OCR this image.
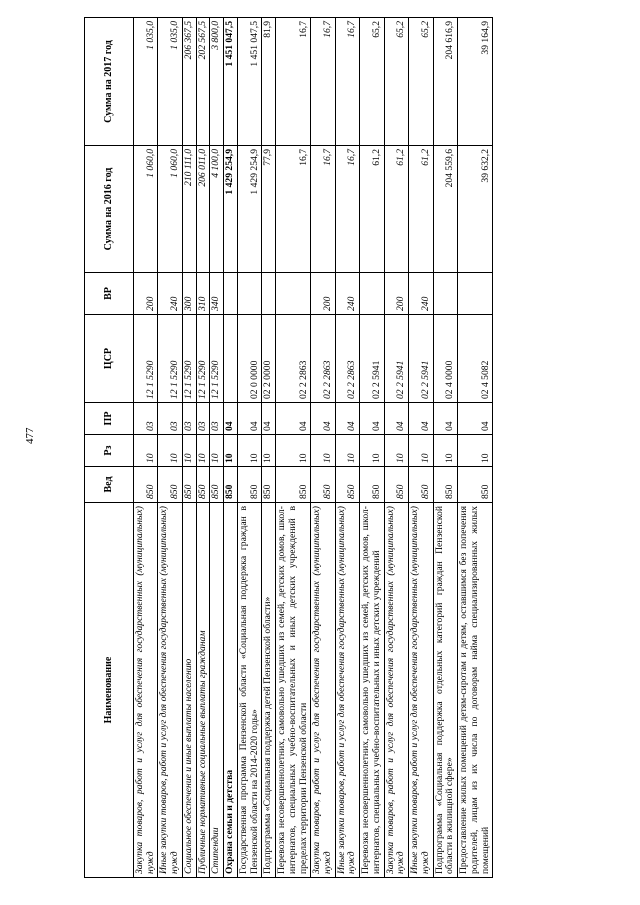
477
Наименование	Вед	Рз	ПР	ЦСР	ВР	Сумма на 2016 год	Сумма на 2017 год
Закупка товаров, работ и услуг для обеспечения государственных (муниципальных) нужд	850	10	03	12 1 5290	200	1 060,0	1 035,0
Иные закупки товаров, работ и услуг для обеспечения государственных (муниципальных) нужд	850	10	03	12 1 5290	240	1 060,0	1 035,0
Социальное обеспечение и иные выплаты населению	850	10	03	12 1 5290	300	210 111,0	206 367,5
Публичные нормативные социальные выплаты гражданам	850	10	03	12 1 5290	310	206 011,0	202 567,5
Стипендии	850	10	03	12 1 5290	340	4 100,0	3 800,0
Охрана семьи и детства	850	10	04			1 429 254,9	1 451 047,5
Государственная программа Пензенской области «Социальная поддержка граждан в Пензенской области на 2014-2020 годы»	850	10	04	02 0 0000		1 429 254,9	1 451 047,5
Подпрограмма «Социальная поддержка детей Пензенской области»	850	10	04	02 2 0000		77,9	81,9
Перевозка несовершеннолетних, самовольно ушедших из семей, детских домов, школ-интернатов, специальных учебно-воспитательных и иных детских учреждений в пределах территории Пензенской области	850	10	04	02 2 2863		16,7	16,7
Закупка товаров, работ и услуг для обеспечения государственных (муниципальных) нужд	850	10	04	02 2 2863	200	16,7	16,7
Иные закупки товаров, работ и услуг для обеспечения государственных (муниципальных) нужд	850	10	04	02 2 2863	240	16,7	16,7
Перевозка несовершеннолетних, самовольно ушедших из семей, детских домов, школ-интернатов, специальных учебно-воспитательных и иных детских учреждений	850	10	04	02 2 5941		61,2	65,2
Закупка товаров, работ и услуг для обеспечения государственных (муниципальных) нужд	850	10	04	02 2 5941	200	61,2	65,2
Иные закупки товаров, работ и услуг для обеспечения государственных (муниципальных) нужд	850	10	04	02 2 5941	240	61,2	65,2
Подпрограмма «Социальная поддержка отдельных категорий граждан Пензенской области в жилищной сфере»	850	10	04	02 4 0000		204 559,6	204 616,9
Предоставление жилых помещений детям-сиротам и детям, оставшимся без попечения родителей, лицам из их числа по договорам найма специализированных жилых помещений	850	10	04	02 4 5082		39 632,2	39 164,9
